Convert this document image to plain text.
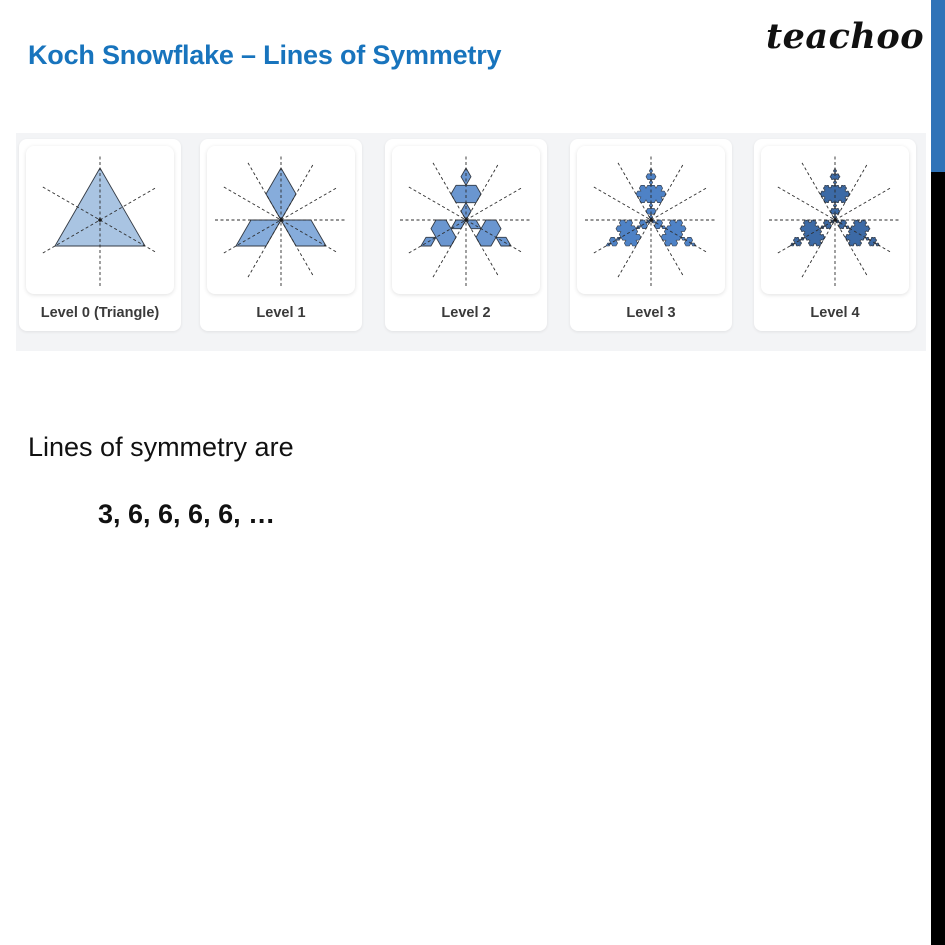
Koch Snowflake – Lines of Symmetry	teachoo
Level 0 (Triangle)	Level 1	Level 2	Level 3	Level 4
Lines of symmetry are
3, 6, 6, 6, 6, …
